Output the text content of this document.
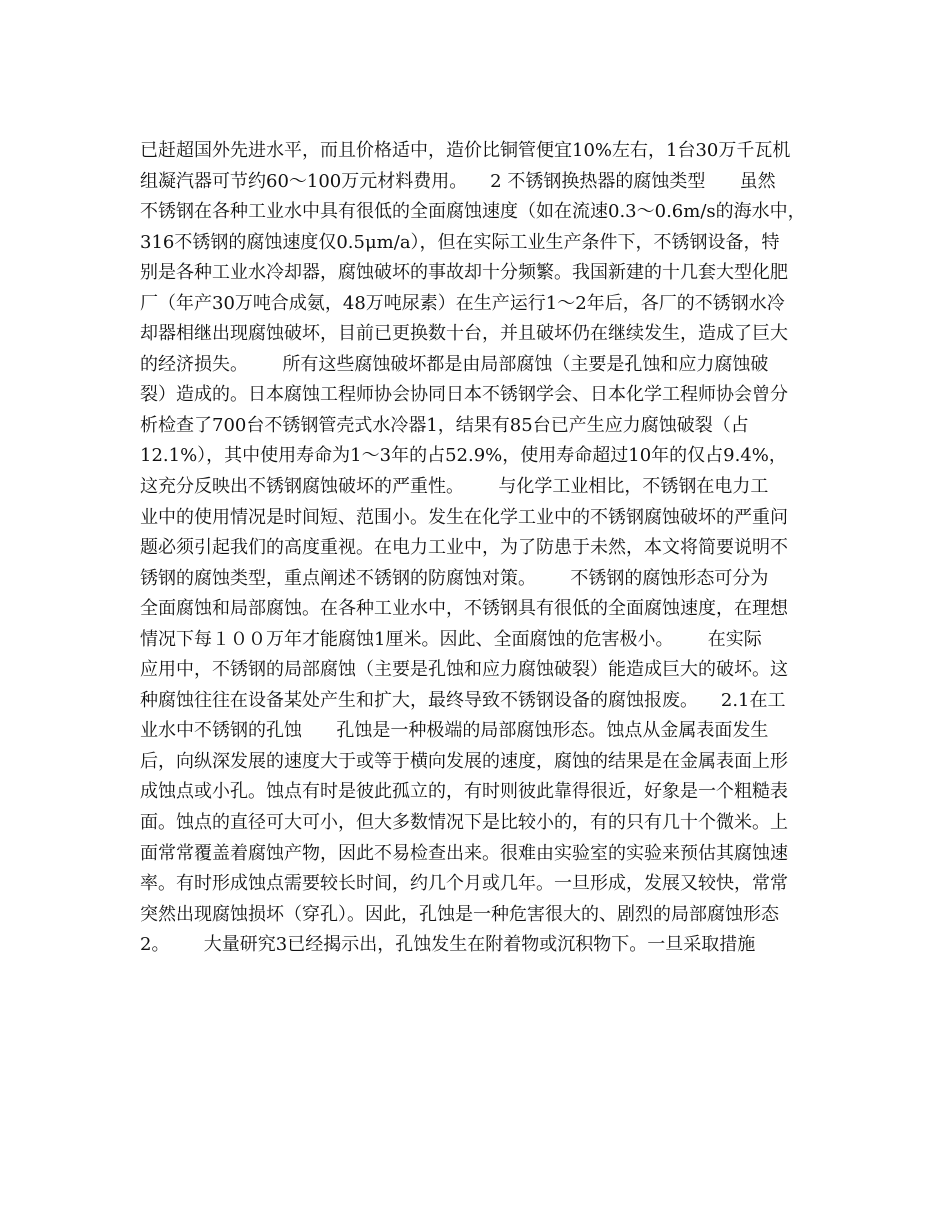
已赶超国外先进水平，而且价格适中，造价比铜管便宜10%左右，1台30万千瓦机
组凝汽器可节约60～100万元材料费用。    2 不锈钢换热器的腐蚀类型      虽然
不锈钢在各种工业水中具有很低的全面腐蚀速度（如在流速0.3～0.6m/s的海水中，
316不锈钢的腐蚀速度仅0.5μm/a），但在实际工业生产条件下，不锈钢设备，特
别是各种工业水冷却器，腐蚀破坏的事故却十分频繁。我国新建的十几套大型化肥
厂（年产30万吨合成氨，48万吨尿素）在生产运行1～2年后，各厂的不锈钢水冷
却器相继出现腐蚀破坏，目前已更换数十台，并且破坏仍在继续发生，造成了巨大
的经济损失。      所有这些腐蚀破坏都是由局部腐蚀（主要是孔蚀和应力腐蚀破
裂）造成的。日本腐蚀工程师协会协同日本不锈钢学会、日本化学工程师协会曾分
析检查了700台不锈钢管壳式水冷器1，结果有85台已产生应力腐蚀破裂（占
12.1%），其中使用寿命为1～3年的占52.9%，使用寿命超过10年的仅占9.4%，
这充分反映出不锈钢腐蚀破坏的严重性。      与化学工业相比，不锈钢在电力工
业中的使用情况是时间短、范围小。发生在化学工业中的不锈钢腐蚀破坏的严重问
题必须引起我们的高度重视。在电力工业中，为了防患于未然，本文将简要说明不
锈钢的腐蚀类型，重点阐述不锈钢的防腐蚀对策。      不锈钢的腐蚀形态可分为
全面腐蚀和局部腐蚀。在各种工业水中，不锈钢具有很低的全面腐蚀速度，在理想
情况下每１００万年才能腐蚀1厘米。因此、全面腐蚀的危害极小。      在实际
应用中，不锈钢的局部腐蚀（主要是孔蚀和应力腐蚀破裂）能造成巨大的破坏。这
种腐蚀往往在设备某处产生和扩大，最终导致不锈钢设备的腐蚀报废。    2.1在工
业水中不锈钢的孔蚀      孔蚀是一种极端的局部腐蚀形态。蚀点从金属表面发生
后，向纵深发展的速度大于或等于横向发展的速度，腐蚀的结果是在金属表面上形
成蚀点或小孔。蚀点有时是彼此孤立的，有时则彼此靠得很近，好象是一个粗糙表
面。蚀点的直径可大可小，但大多数情况下是比较小的，有的只有几十个微米。上
面常常覆盖着腐蚀产物，因此不易检查出来。很难由实验室的实验来预估其腐蚀速
率。有时形成蚀点需要较长时间，约几个月或几年。一旦形成，发展又较快，常常
突然出现腐蚀损坏（穿孔）。因此，孔蚀是一种危害很大的、剧烈的局部腐蚀形态
2。      大量研究3已经揭示出，孔蚀发生在附着物或沉积物下。一旦采取措施
